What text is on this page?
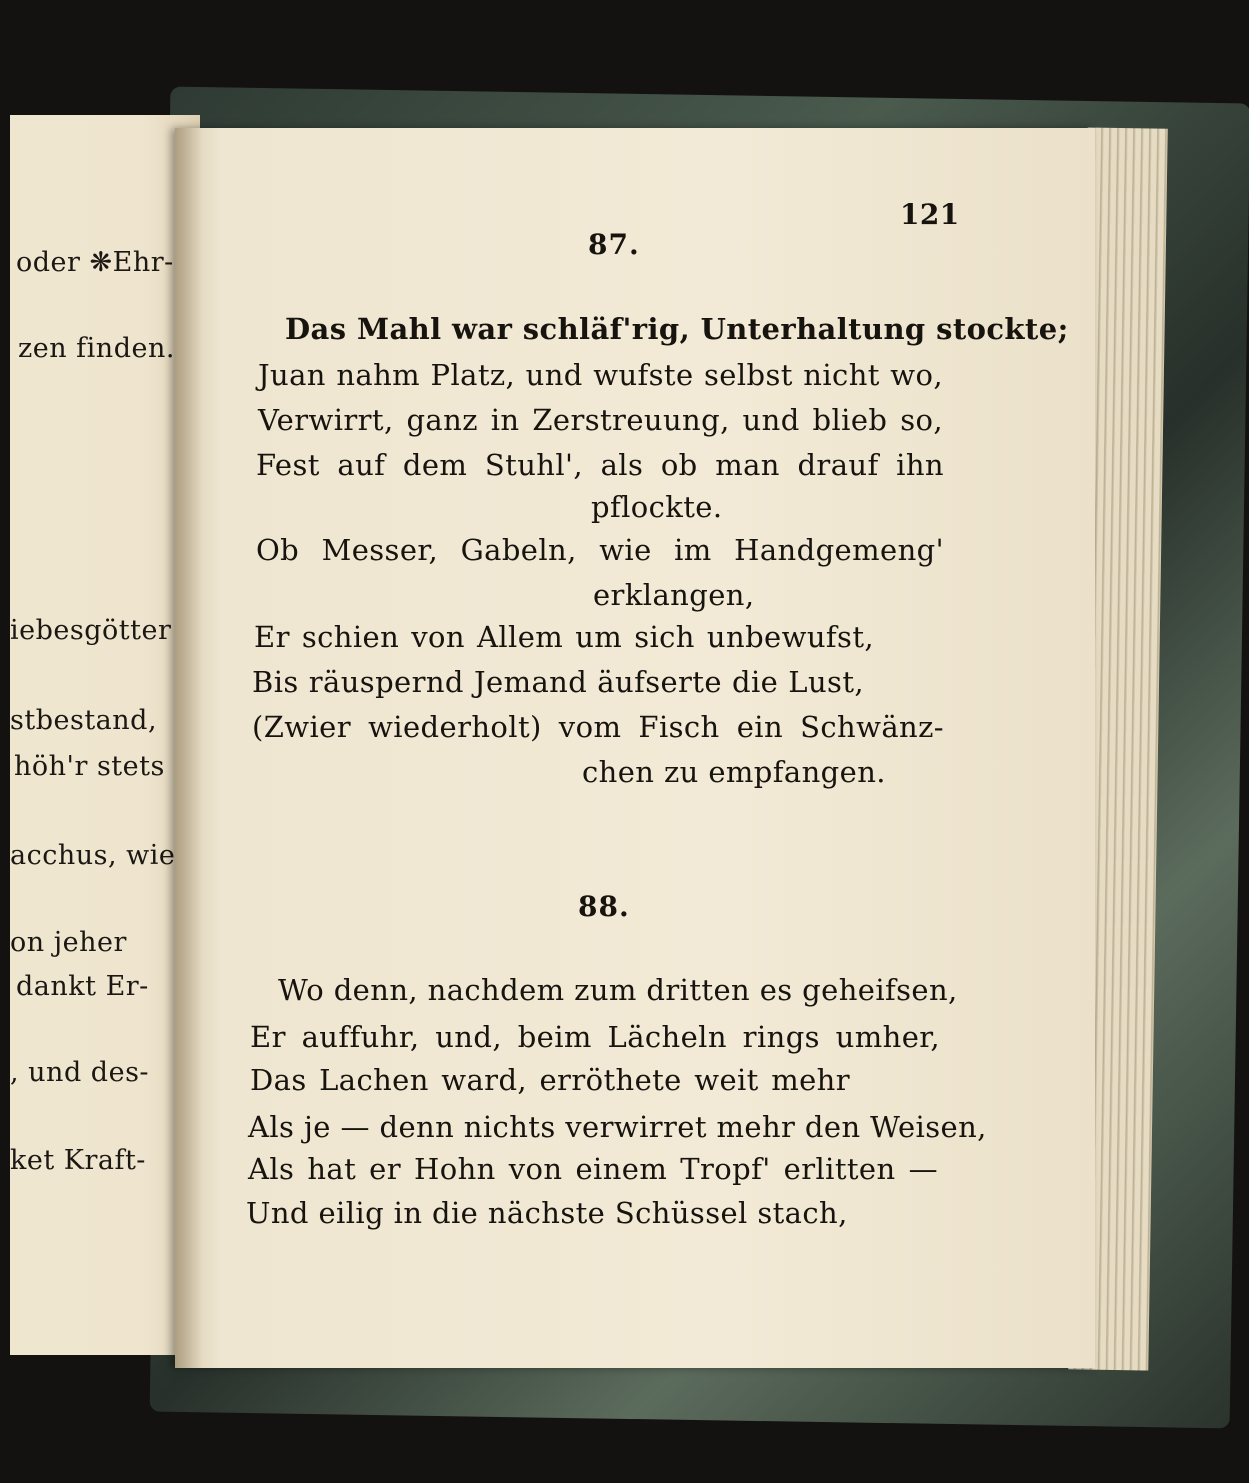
oder ❋Ehr-
zen finden.
iebesgötter
stbestand,
höh'r stets
acchus, wie
on jeher
dankt Er-
, und des-
ket Kraft-
121
87.
Das Mahl war schläf'rig, Unterhaltung stockte;
Juan nahm Platz, und wufste selbst nicht wo,
Verwirrt, ganz in Zerstreuung, und blieb so,
Fest auf dem Stuhl', als ob man drauf ihn
pflockte.
Ob Messer, Gabeln, wie im Handgemeng'
erklangen,
Er schien von Allem um sich unbewufst,
Bis räuspernd Jemand äufserte die Lust,
(Zwier wiederholt) vom Fisch ein Schwänz-
chen zu empfangen.
88.
Wo denn, nachdem zum dritten es geheifsen,
Er auffuhr, und, beim Lächeln rings umher,
Das Lachen ward, erröthete weit mehr
Als je — denn nichts verwirret mehr den Weisen,
Als hat er Hohn von einem Tropf' erlitten —
Und eilig in die nächste Schüssel stach,
